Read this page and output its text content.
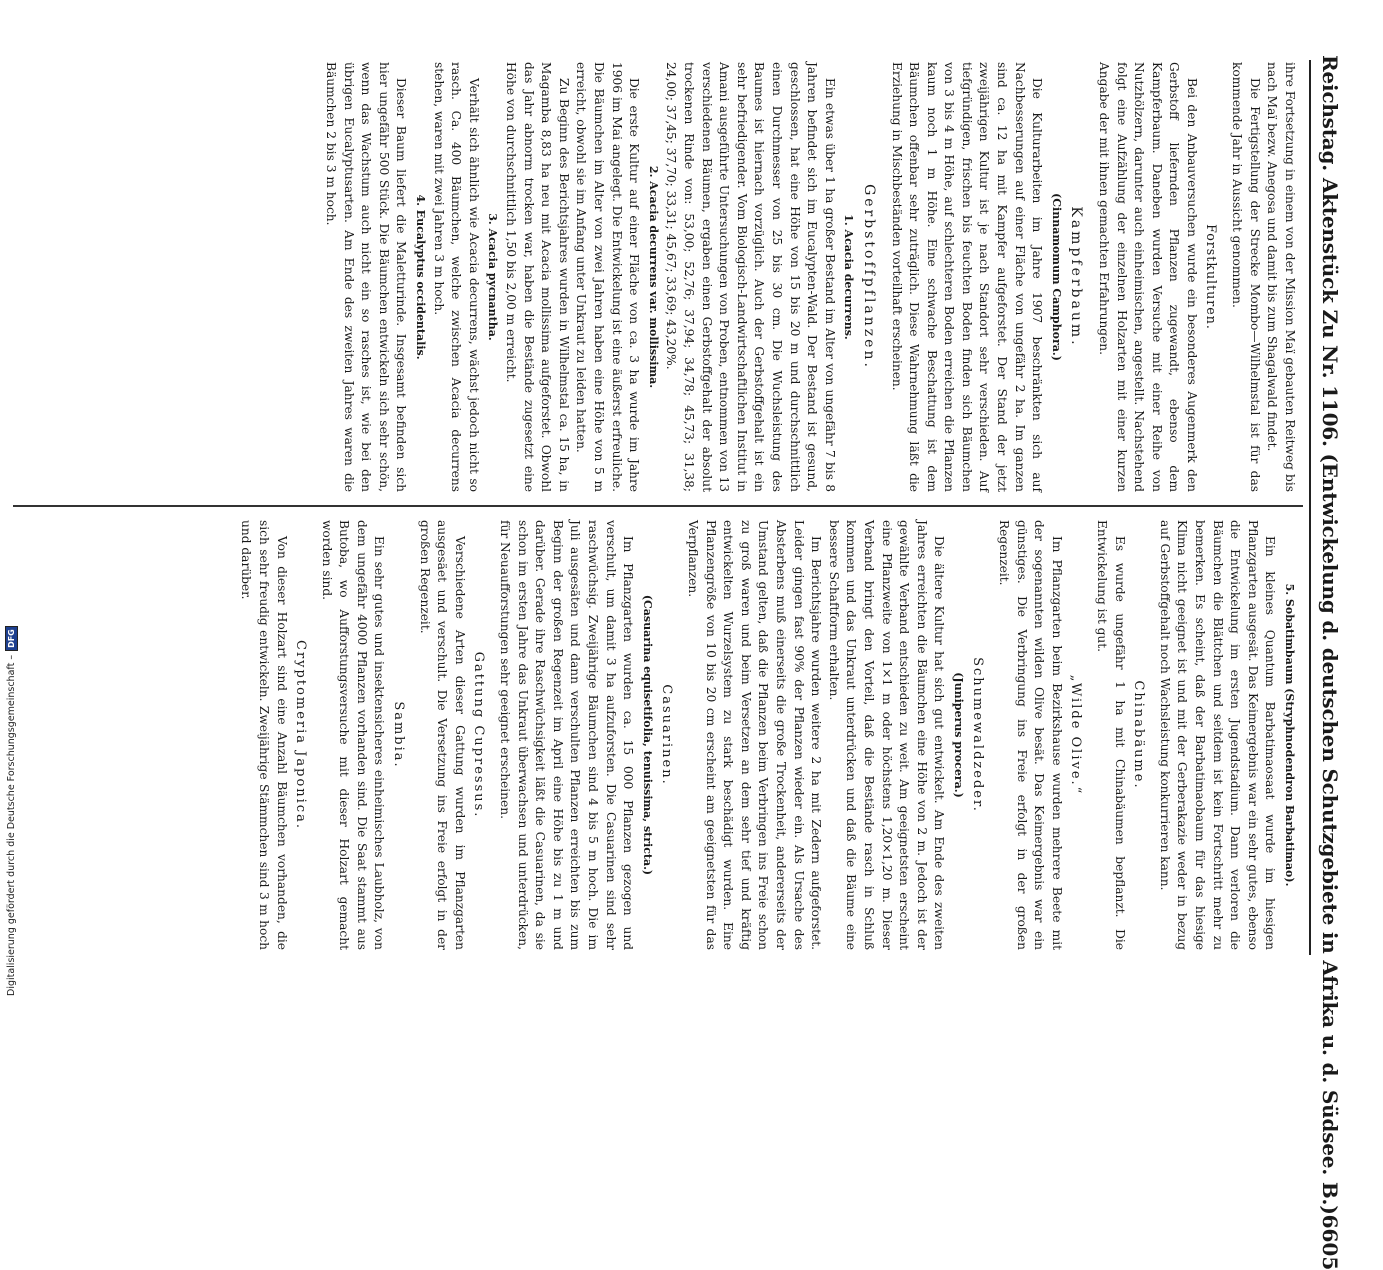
Reichstag. Aktenstück Zu Nr. 1106. (Entwickelung d. deutschen Schutzgebiete in Afrika u. d. Südsee. B.)
6605

ihre Fortsetzung in einem von der Mission Maï gebauten Reitweg bis nach Maï bezw. Anegosa und damit bis zum Shagalwald findet.

Die Fertigstellung der Strecke Mombo—Wilhelmstal ist für das kommende Jahr in Aussicht genommen.

Forstkulturen.

Bei den Anbauversuchen wurde ein besonderes Augenmerk den Gerbstoff liefernden Pflanzen zugewandt, ebenso dem Kampferbaum. Daneben wurden Versuche mit einer Reihe von Nutzhölzern, darunter auch einheimischen, angestellt. Nachstehend folgt eine Aufzählung der einzelnen Holzarten mit einer kurzen Angabe der mit ihnen gemachten Erfahrungen.

Kampferbaum.

(Cinnamomum Camphora.)

Die Kulturarbeiten im Jahre 1907 beschränkten sich auf Nachbesserungen auf einer Fläche von ungefähr 2 ha. Im ganzen sind ca. 12 ha mit Kampfer aufgeforstet. Der Stand der jetzt zweijährigen Kultur ist je nach Standort sehr verschieden. Auf tiefgründigen, frischen bis feuchten Boden finden sich Bäumchen von 3 bis 4 m Höhe, auf schlechteren Boden erreichen die Pflanzen kaum noch 1 m Höhe. Eine schwache Beschattung ist dem Bäumchen offenbar sehr zuträglich. Diese Wahrnehmung läßt die Erziehung in Mischbeständen vorteilhaft erscheinen.

Gerbstoffpflanzen.

1. Acacia decurrens.

Ein etwas über 1 ha großer Bestand im Alter von ungefähr 7 bis 8 Jahren befindet sich im Eucalypten-Wald. Der Bestand ist gesund, geschlossen, hat eine Höhe von 15 bis 20 m und durchschnittlich einen Durchmesser von 25 bis 30 cm. Die Wuchsleistung des Baumes ist hiernach vorzüglich. Auch der Gerbstoffgehalt ist ein sehr befriedigender. Vom Biologisch-Landwirtschaftlichen Institut in Amani ausgeführte Untersuchungen von Proben, entnommen von 13 verschiedenen Bäumen, ergaben einen Gerbstoffgehalt der absolut trockenen Rinde von: 53,00; 52,76; 37,94; 34,78; 45,73; 31,38; 24,00; 37,45; 37,70; 33,31; 45,67; 33,69; 43,20%.

2. Acacia decurrens var. mollissima.

Die erste Kultur auf einer Fläche von ca. 3 ha wurde im Jahre 1906 im Mai angelegt. Die Entwickelung ist eine äußerst erfreuliche. Die Bäumchen im Alter von zwei Jahren haben eine Höhe von 5 m erreicht, obwohl sie im Anfang unter Unkraut zu leiden hatten.

Zu Beginn des Berichtsjahres wurden in Wilhelmstal ca. 15 ha, in Magamba 8,83 ha neu mit Acacia mollissima aufgeforstet. Obwohl das Jahr abnorm trocken war, haben die Bestände zugesetzt eine Höhe von durchschnittlich 1,50 bis 2,00 m erreicht.

3. Acacia pycnantha.

Verhält sich ähnlich wie Acacia decurrens, wächst jedoch nicht so rasch. Ca. 400 Bäumchen, welche zwischen Acacia decurrens stehen, waren mit zwei Jahren 3 m hoch.

4. Eucalyptus occidentalis.

Dieser Baum liefert die Maletturinde. Insgesamt befinden sich hier ungefähr 500 Stück. Die Bäumchen entwickeln sich sehr schön, wenn das Wachstum auch nicht ein so rasches ist, wie bei den übrigen Eucalyptusarten. Am Ende des zweiten Jahres waren die Bäumchen 2 bis 3 m hoch.

5. Sobatimbaum (Stryphnodendron Barbatimao).

Ein kleines Quantum Barbatimaosaat wurde im hiesigen Pflanzgarten ausgesät. Das Keimergebnis war ein sehr gutes, ebenso die Entwickelung im ersten Jugendstadium. Dann verloren die Bäumchen die Blättchen und seitdem ist kein Fortschritt mehr zu bemerken. Es scheint, daß der Barbatimaobaum für das hiesige Klima nicht geeignet ist und mit der Gerberakazie weder in bezug auf Gerbstoffgehalt noch Wachsleistung konkurrieren kann.

Chinabäume.

Es wurde ungefähr 1 ha mit Chinabäumen bepflanzt. Die Entwickelung ist gut.

„Wilde Olive.“

Im Pflanzgarten beim Bezirkshause wurden mehrere Beete mit der sogenannten wilden Olive besät. Das Keimergebnis war ein günstiges. Die Verbringung ins Freie erfolgt in der großen Regenzeit.

Schumewaldzeder.

(Juniperus procera.)

Die ältere Kultur hat sich gut entwickelt. Am Ende des zweiten Jahres erreichten die Bäumchen eine Höhe von 2 m. Jedoch ist der gewählte Verband entschieden zu weit. Am geeignetsten erscheint eine Pflanzweite von 1×1 m oder höchstens 1,20×1,20 m. Dieser Verband bringt den Vorteil, daß die Bestände rasch in Schluß kommen und das Unkraut unterdrücken und daß die Bäume eine bessere Schaftform erhalten.

Im Berichtsjahre wurden weitere 2 ha mit Zedern aufgeforstet. Leider gingen fast 90% der Pflanzen wieder ein. Als Ursache des Absterbens muß einerseits die große Trockenheit, andererseits der Umstand gelten, daß die Pflanzen beim Verbringen ins Freie schon zu groß waren und beim Versetzen an dem sehr tief und kräftig entwickelten Wurzelsystem zu stark beschädigt wurden. Eine Pflanzengröße von 10 bis 20 cm erscheint am geeignetsten für das Verpflanzen.

Casuarinen.

(Casuarina equisetifolia, tenuissima, stricta.)

Im Pflanzgarten wurden ca. 15 000 Pflanzen gezogen und verschult, um damit 3 ha aufzuforsten. Die Casuarinen sind sehr raschwüchsig. Zweijährige Bäumchen sind 4 bis 5 m hoch. Die im Juli ausgesäten und dann verschulten Pflanzen erreichten bis zum Beginn der großen Regenzeit im April eine Höhe bis zu 1 m und darüber. Gerade ihre Raschwüchsigkeit läßt die Casuarinen, da sie schon im ersten Jahre das Unkraut überwachsen und unterdrücken, für Neuaufforstungen sehr geeignet erscheinen.

Gattung Cupressus.

Verschiedene Arten dieser Gattung wurden im Pflanzgarten ausgesäet und verschult. Die Versetzung ins Freie erfolgt in der großen Regenzeit.

Sambia.

Ein sehr gutes und insektensicheres einheimisches Laubholz, von dem ungefähr 4000 Pflanzen vorhanden sind. Die Saat stammt aus Butoba, wo Aufforstungsversuche mit dieser Holzart gemacht worden sind.

Cryptomeria Japonica.

Von dieser Holzart sind eine Anzahl Bäumchen vorhanden, die sich sehr freudig entwickeln. Zweijährige Stämmchen sind 3 m hoch und darüber.

Digitalisierung gefördert durch die Deutsche Forschungsgemeinschaft –
DFG
